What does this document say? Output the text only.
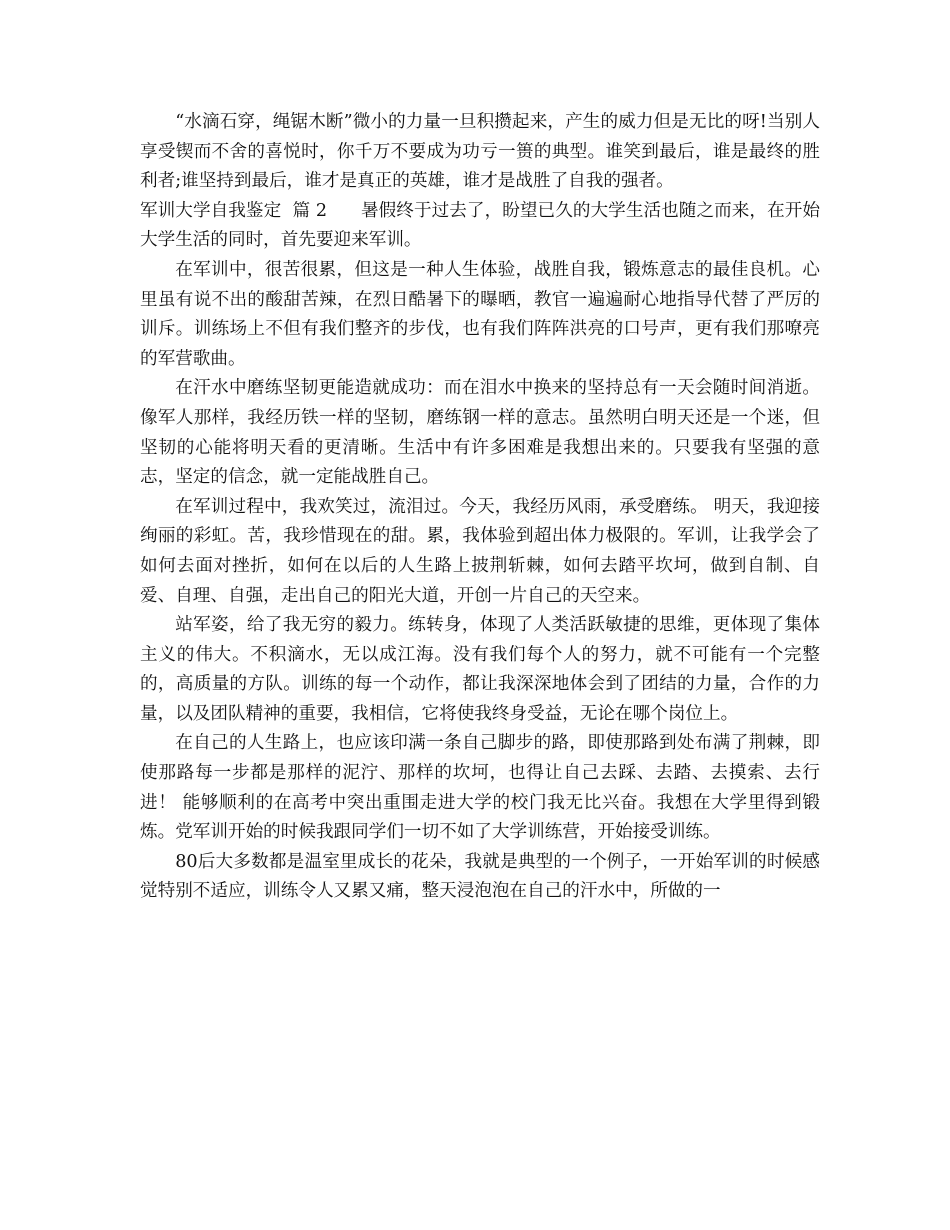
“水滴石穿，绳锯木断”微小的力量一旦积攒起来，产生的威力但是无比的呀!当别人享受锲而不舍的喜悦时，你千万不要成为功亏一篑的典型。谁笑到最后，谁是最终的胜利者;谁坚持到最后，谁才是真正的英雄，谁才是战胜了自我的强者。

军训大学自我鉴定  篇 2 暑假终于过去了，盼望已久的大学生活也随之而来，在开始大学生活的同时，首先要迎来军训。

在军训中，很苦很累，但这是一种人生体验，战胜自我，锻炼意志的最佳良机。心里虽有说不出的酸甜苦辣，在烈日酷暑下的曝晒，教官一遍遍耐心地指导代替了严厉的训斥。训练场上不但有我们整齐的步伐，也有我们阵阵洪亮的口号声，更有我们那嘹亮的军营歌曲。

在汗水中磨练坚韧更能造就成功：而在泪水中换来的坚持总有一天会随时间消逝。像军人那样，我经历铁一样的坚韧，磨练钢一样的意志。虽然明白明天还是一个迷，但坚韧的心能将明天看的更清晰。生活中有许多困难是我想出来的。只要我有坚强的意志，坚定的信念，就一定能战胜自己。

在军训过程中，我欢笑过，流泪过。今天，我经历风雨，承受磨练。 明天，我迎接绚丽的彩虹。苦，我珍惜现在的甜。累，我体验到超出体力极限的。军训，让我学会了如何去面对挫折，如何在以后的人生路上披荆斩棘，如何去踏平坎坷，做到自制、自爱、自理、自强，走出自己的阳光大道，开创一片自己的天空来。

站军姿，给了我无穷的毅力。练转身，体现了人类活跃敏捷的思维，更体现了集体主义的伟大。不积滴水，无以成江海。没有我们每个人的努力，就不可能有一个完整的，高质量的方队。训练的每一个动作，都让我深深地体会到了团结的力量，合作的力量，以及团队精神的重要，我相信，它将使我终身受益，无论在哪个岗位上。

在自己的人生路上，也应该印满一条自己脚步的路，即使那路到处布满了荆棘，即使那路每一步都是那样的泥泞、那样的坎坷，也得让自己去踩、去踏、去摸索、去行进！ 能够顺利的在高考中突出重围走进大学的校门我无比兴奋。我想在大学里得到锻炼。党军训开始的时候我跟同学们一切不如了大学训练营，开始接受训练。

80后大多数都是温室里成长的花朵，我就是典型的一个例子，一开始军训的时候感觉特别不适应，训练令人又累又痛，整天浸泡泡在自己的汗水中，所做的一
